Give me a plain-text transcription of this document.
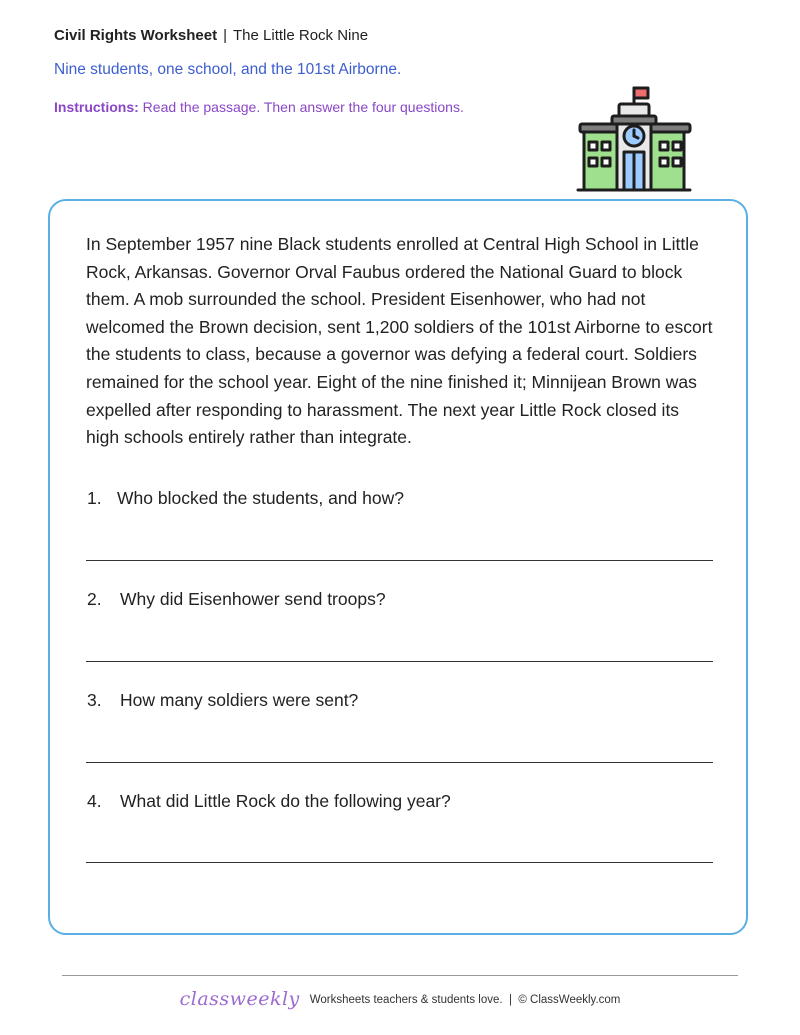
Civil Rights Worksheet | The Little Rock Nine
Nine students, one school, and the 101st Airborne.
Instructions: Read the passage. Then answer the four questions.
In September 1957 nine Black students enrolled at Central High School in Little Rock, Arkansas. Governor Orval Faubus ordered the National Guard to block them. A mob surrounded the school. President Eisenhower, who had not welcomed the Brown decision, sent 1,200 soldiers of the 101st Airborne to escort the students to class, because a governor was defying a federal court. Soldiers remained for the school year. Eight of the nine finished it; Minnijean Brown was expelled after responding to harassment. The next year Little Rock closed its high schools entirely rather than integrate.
1. Who blocked the students, and how?
2. Why did Eisenhower send troops?
3. How many soldiers were sent?
4. What did Little Rock do the following year?
classweekly Worksheets teachers & students love. | © ClassWeekly.com
